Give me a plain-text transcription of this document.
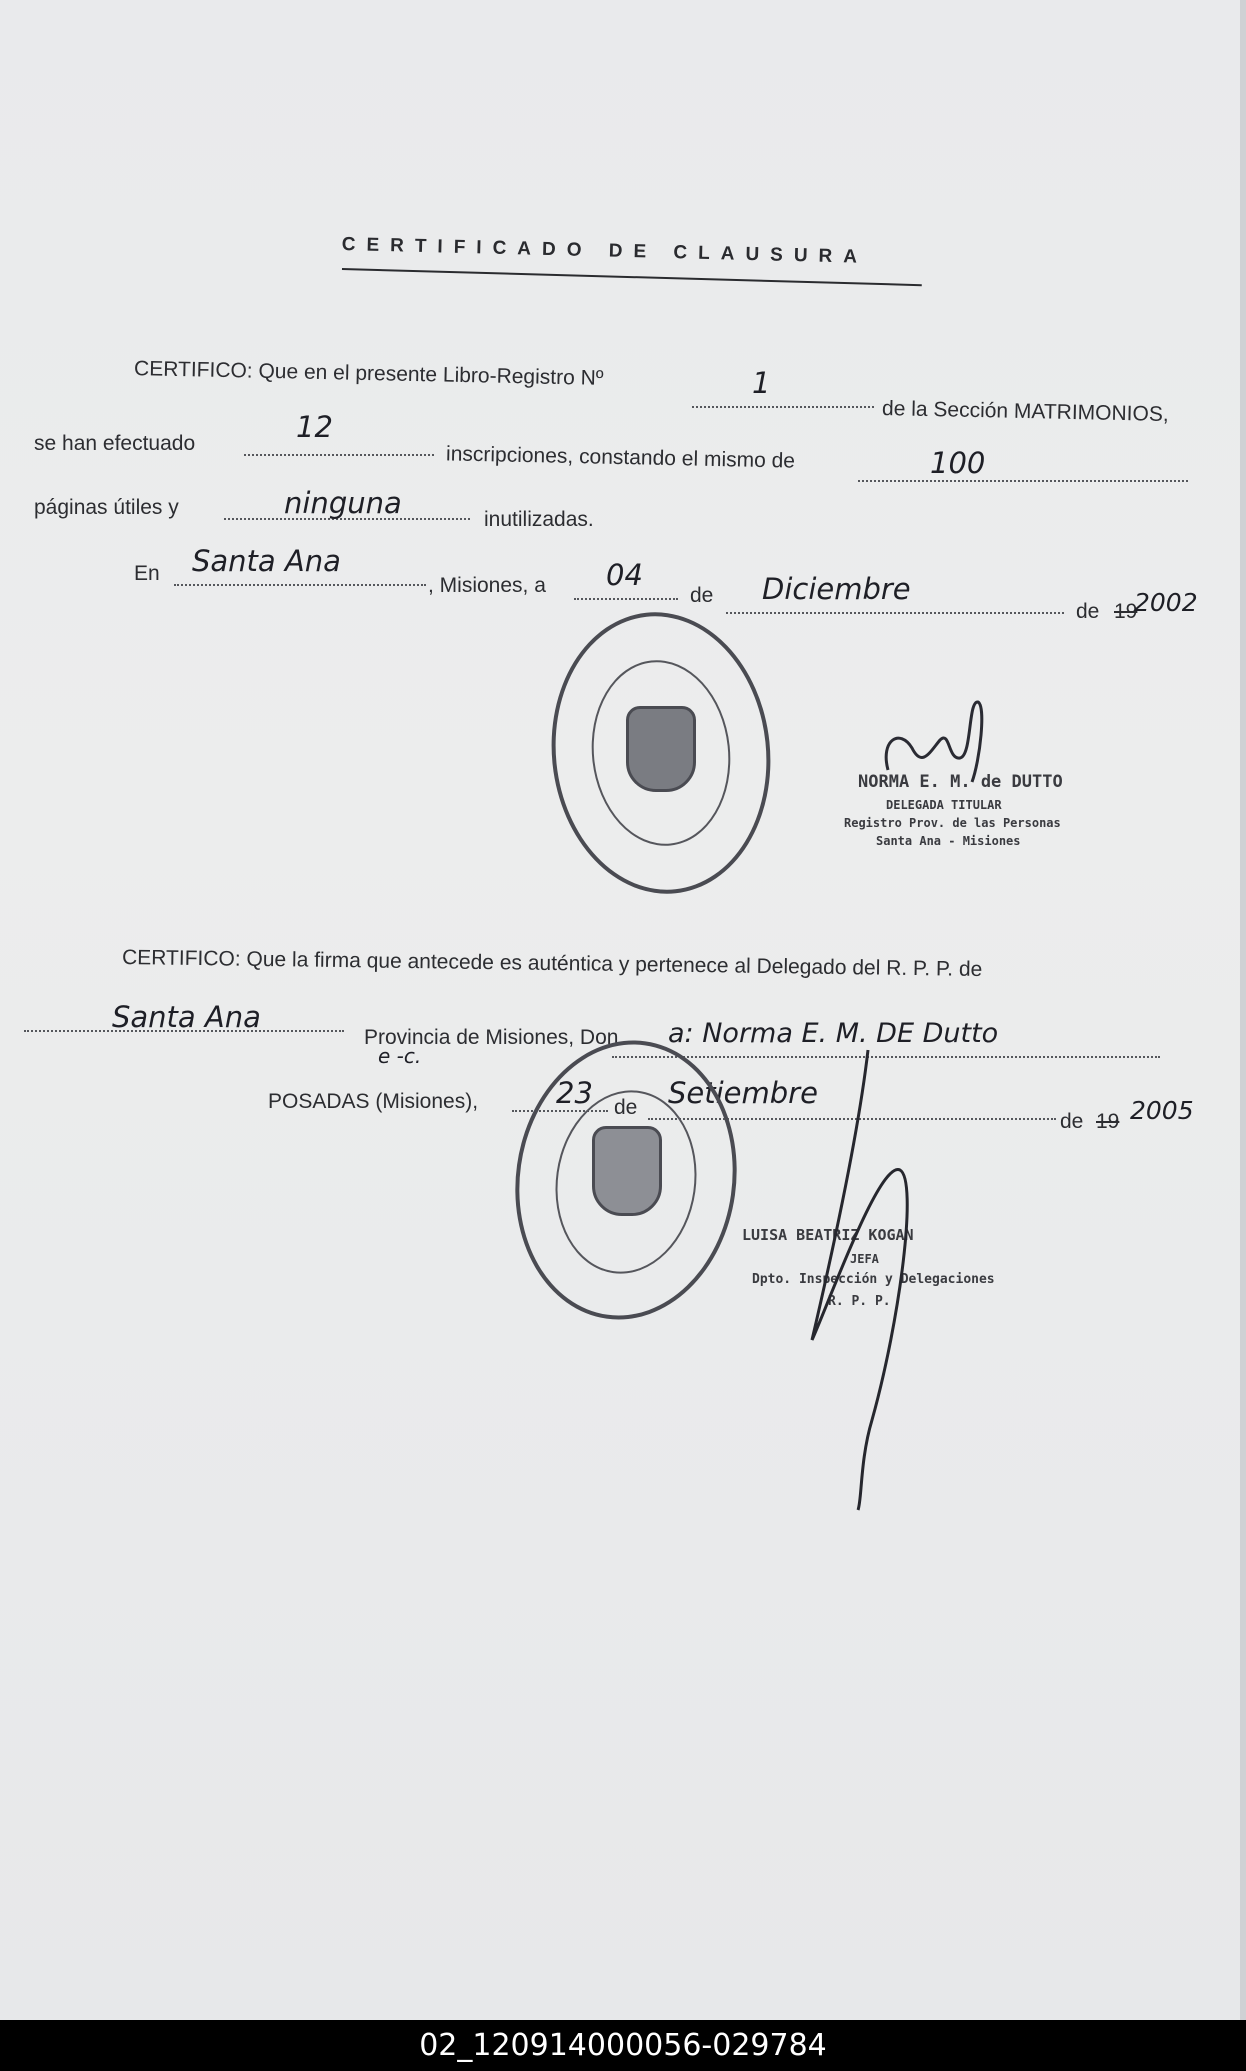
CERTIFICADO DE CLAUSURA
CERTIFICO: Que en el presente Libro-Registro Nº	1
de la Sección MATRIMONIOS,
se han efectuado	12
inscripciones, constando el mismo de	100
páginas útiles y	ninguna	inutilizadas.
En Santa Ana
, Misiones, a 04
de Diciembre
de 19
2002
NORMA E. M. de DUTTO
DELEGADA TITULAR
Registro Prov. de las Personas
Santa Ana - Misiones
CERTIFICO: Que la firma que antecede es auténtica y pertenece al Delegado del R. P. P. de
Santa Ana
Provincia de Misiones, Don a: Norma E. M. DE Dutto
e -c.
POSADAS (Misiones),	23 de Setiembre
de 19 2005
LUISA BEATRIZ KOGAN
JEFA
Dpto. Inspección y Delegaciones
R. P. P.
02_120914000056-029784
